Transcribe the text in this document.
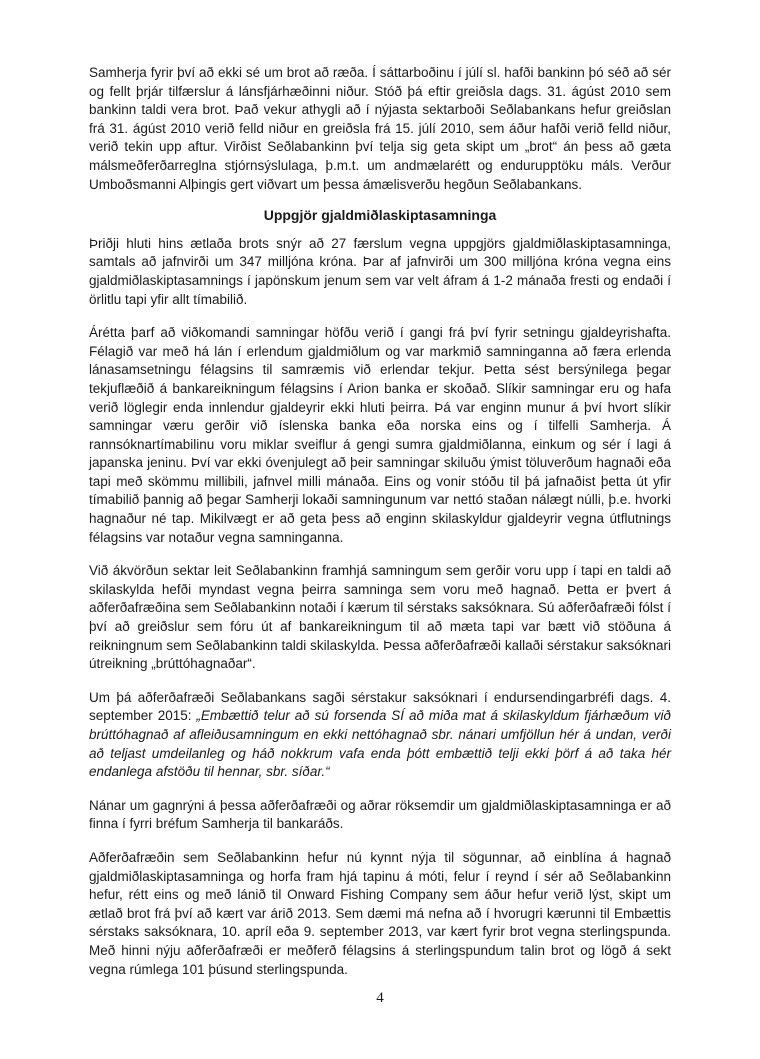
Samherja fyrir því að ekki sé um brot að ræða. Í sáttarboðinu í júlí sl. hafði bankinn þó séð að sér og fellt þrjár tilfærslur á lánsfjárhæðinni niður. Stóð þá eftir greiðsla dags. 31. ágúst 2010 sem bankinn taldi vera brot. Það vekur athygli að í nýjasta sektarboði Seðlabankans hefur greiðslan frá 31. ágúst 2010 verið felld niður en greiðsla frá 15. júlí 2010, sem áður hafði verið felld niður, verið tekin upp aftur. Virðist Seðlabankinn því telja sig geta skipt um „brot“ án þess að gæta málsmeðferðarreglna stjórnsýslulaga, þ.m.t. um andmælarétt og endurupptöku máls. Verður Umboðsmanni Alþingis gert viðvart um þessa ámælisverðu hegðun Seðlabankans.

Uppgjör gjaldmiðlaskiptasamninga

Þriðji hluti hins ætlaða brots snýr að 27 færslum vegna uppgjörs gjaldmiðlaskiptasamninga, samtals að jafnvirði um 347 milljóna króna. Þar af jafnvirði um 300 milljóna króna vegna eins gjaldmiðlaskiptasamnings í japönskum jenum sem var velt áfram á 1-2 mánaða fresti og endaði í örlitlu tapi yfir allt tímabilið.

Árétta þarf að viðkomandi samningar höfðu verið í gangi frá því fyrir setningu gjaldeyrishafta. Félagið var með há lán í erlendum gjaldmiðlum og var markmið samninganna að færa erlenda lánasamsetningu félagsins til samræmis við erlendar tekjur. Þetta sést bersýnilega þegar tekjuflæðið á bankareikningum félagsins í Arion banka er skoðað. Slíkir samningar eru og hafa verið löglegir enda innlendur gjaldeyrir ekki hluti þeirra. Þá var enginn munur á því hvort slíkir samningar væru gerðir við íslenska banka eða norska eins og í tilfelli Samherja. Á rannsóknartímabilinu voru miklar sveiflur á gengi sumra gjaldmiðlanna, einkum og sér í lagi á japanska jeninu. Því var ekki óvenjulegt að þeir samningar skiluðu ýmist töluverðum hagnaði eða tapi með skömmu millibili, jafnvel milli mánaða. Eins og vonir stóðu til þá jafnaðist þetta út yfir tímabilið þannig að þegar Samherji lokaði samningunum var nettó staðan nálægt núlli, þ.e. hvorki hagnaður né tap. Mikilvægt er að geta þess að enginn skilaskyldur gjaldeyrir vegna útflutnings félagsins var notaður vegna samninganna.

Við ákvörðun sektar leit Seðlabankinn framhjá samningum sem gerðir voru upp í tapi en taldi að skilaskylda hefði myndast vegna þeirra samninga sem voru með hagnað. Þetta er þvert á aðferðafræðina sem Seðlabankinn notaði í kærum til sérstaks saksóknara. Sú aðferðafræði fólst í því að greiðslur sem fóru út af bankareikningum til að mæta tapi var bætt við stöðuna á reikningnum sem Seðlabankinn taldi skilaskylda. Þessa aðferðafræði kallaði sérstakur saksóknari útreikning „brúttóhagnaðar“.

Um þá aðferðafræði Seðlabankans sagði sérstakur saksóknari í endursendingarbréfi dags. 4. september 2015: „Embættið telur að sú forsenda SÍ að miða mat á skilaskyldum fjárhæðum við brúttóhagnað af afleiðusamningum en ekki nettóhagnað sbr. nánari umfjöllun hér á undan, verði að teljast umdeilanleg og háð nokkrum vafa enda þótt embættið telji ekki þörf á að taka hér endanlega afstöðu til hennar, sbr. síðar.“

Nánar um gagnrýni á þessa aðferðafræði og aðrar röksemdir um gjaldmiðlaskiptasamninga er að finna í fyrri bréfum Samherja til bankaráðs.

Aðferðafræðin sem Seðlabankinn hefur nú kynnt nýja til sögunnar, að einblína á hagnað gjaldmiðlaskiptasamninga og horfa fram hjá tapinu á móti, felur í reynd í sér að Seðlabankinn hefur, rétt eins og með lánið til Onward Fishing Company sem áður hefur verið lýst, skipt um ætlað brot frá því að kært var árið 2013. Sem dæmi má nefna að í hvorugri kærunni til Embættis sérstaks saksóknara, 10. apríl eða 9. september 2013, var kært fyrir brot vegna sterlingspunda. Með hinni nýju aðferðafræði er meðferð félagsins á sterlingspundum talin brot og lögð á sekt vegna rúmlega 101 þúsund sterlingspunda.

4
